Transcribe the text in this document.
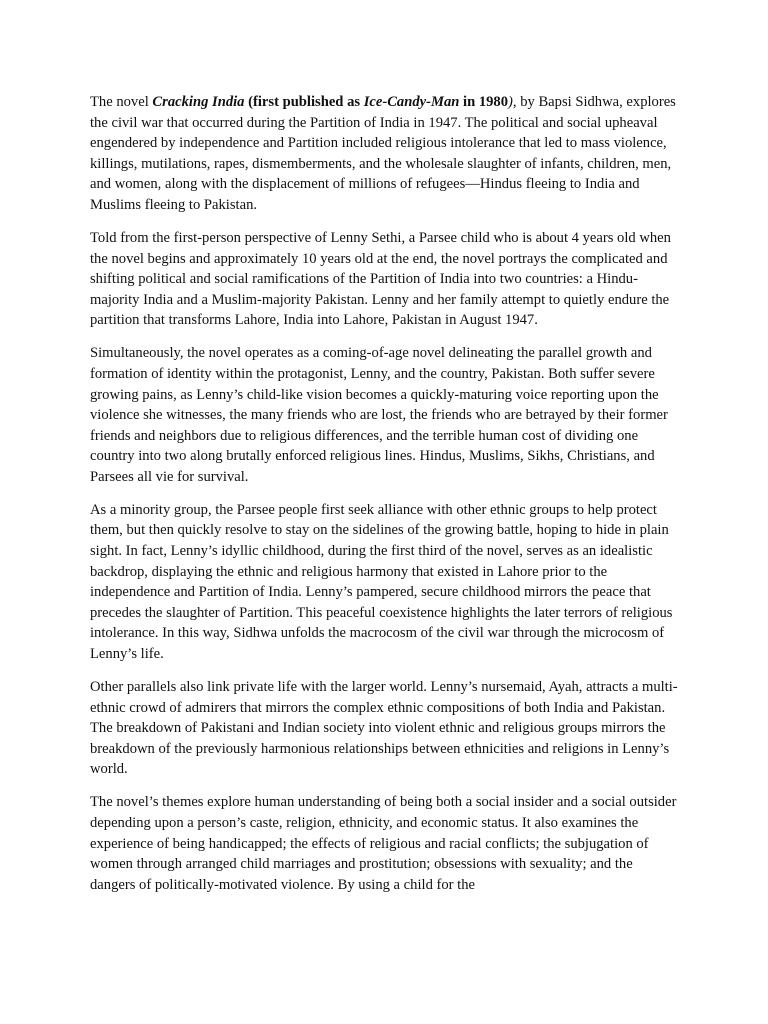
The novel Cracking India (first published as Ice-Candy-Man in 1980), by Bapsi Sidhwa, explores the civil war that occurred during the Partition of India in 1947. The political and social upheaval engendered by independence and Partition included religious intolerance that led to mass violence, killings, mutilations, rapes, dismemberments, and the wholesale slaughter of infants, children, men, and women, along with the displacement of millions of refugees—Hindus fleeing to India and Muslims fleeing to Pakistan.

Told from the first-person perspective of Lenny Sethi, a Parsee child who is about 4 years old when the novel begins and approximately 10 years old at the end, the novel portrays the complicated and shifting political and social ramifications of the Partition of India into two countries: a Hindu-majority India and a Muslim-majority Pakistan. Lenny and her family attempt to quietly endure the partition that transforms Lahore, India into Lahore, Pakistan in August 1947.

Simultaneously, the novel operates as a coming-of-age novel delineating the parallel growth and formation of identity within the protagonist, Lenny, and the country, Pakistan. Both suffer severe growing pains, as Lenny’s child-like vision becomes a quickly-maturing voice reporting upon the violence she witnesses, the many friends who are lost, the friends who are betrayed by their former friends and neighbors due to religious differences, and the terrible human cost of dividing one country into two along brutally enforced religious lines. Hindus, Muslims, Sikhs, Christians, and Parsees all vie for survival.

As a minority group, the Parsee people first seek alliance with other ethnic groups to help protect them, but then quickly resolve to stay on the sidelines of the growing battle, hoping to hide in plain sight. In fact, Lenny’s idyllic childhood, during the first third of the novel, serves as an idealistic backdrop, displaying the ethnic and religious harmony that existed in Lahore prior to the independence and Partition of India. Lenny’s pampered, secure childhood mirrors the peace that precedes the slaughter of Partition. This peaceful coexistence highlights the later terrors of religious intolerance. In this way, Sidhwa unfolds the macrocosm of the civil war through the microcosm of Lenny’s life.

Other parallels also link private life with the larger world. Lenny’s nursemaid, Ayah, attracts a multi-ethnic crowd of admirers that mirrors the complex ethnic compositions of both India and Pakistan. The breakdown of Pakistani and Indian society into violent ethnic and religious groups mirrors the breakdown of the previously harmonious relationships between ethnicities and religions in Lenny’s world.

The novel’s themes explore human understanding of being both a social insider and a social outsider depending upon a person’s caste, religion, ethnicity, and economic status. It also examines the experience of being handicapped; the effects of religious and racial conflicts; the subjugation of women through arranged child marriages and prostitution; obsessions with sexuality; and the dangers of politically-motivated violence. By using a child for the
